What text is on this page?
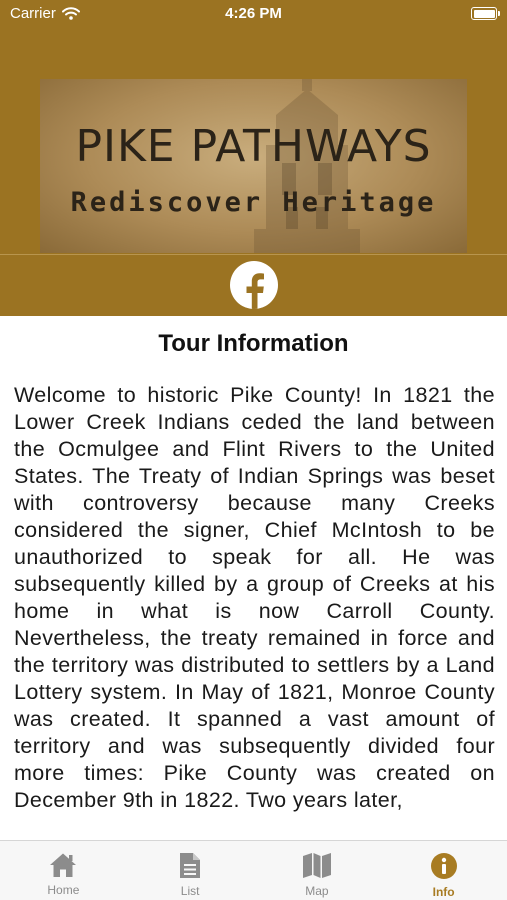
Carrier	4:26 PM
PIKE PATHWAYS
Rediscover Heritage
Tour Information
Welcome to historic Pike County! In 1821 the Lower Creek Indians ceded the land between the Ocmulgee and Flint Rivers to the United States. The Treaty of Indian Springs was beset with controversy because many Creeks considered the signer, Chief McIntosh to be unauthorized to speak for all. He was subsequently killed by a group of Creeks at his home in what is now Carroll County. Nevertheless, the treaty remained in force and the territory was distributed to settlers by a Land Lottery system. In May of 1821, Monroe County was created. It spanned a vast amount of territory and was subsequently divided four more times: Pike County was created on December 9th in 1822. Two years later,
Home	List	Map	Info
